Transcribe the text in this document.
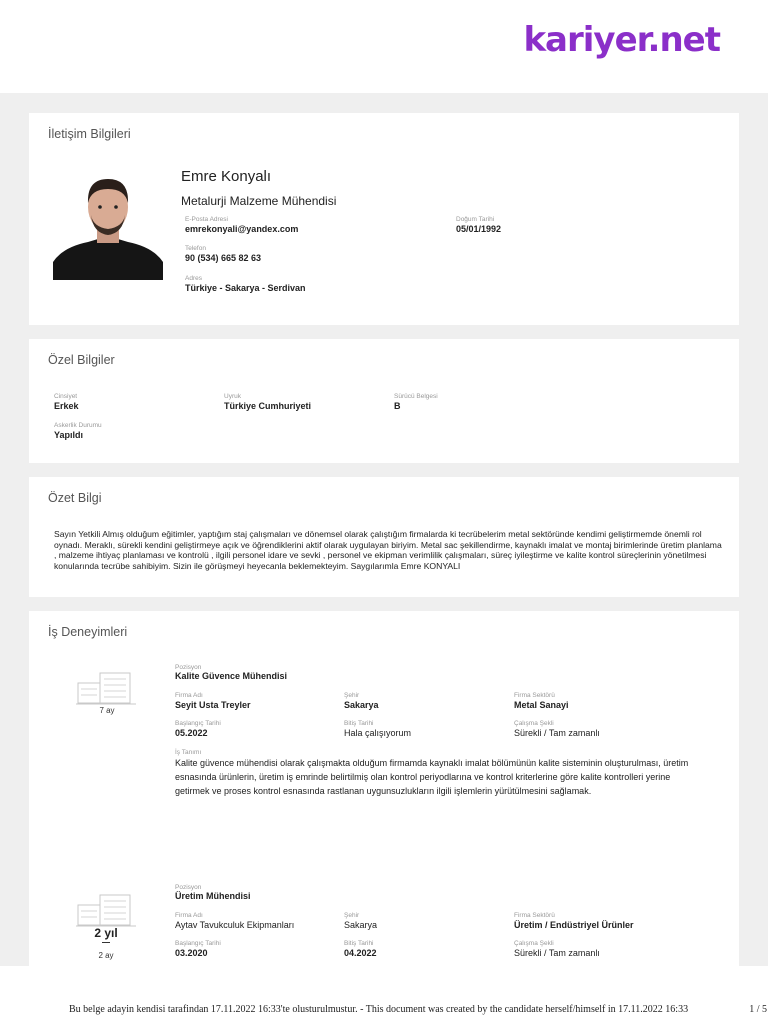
kariyer.net
İletişim Bilgileri
Emre Konyalı
Metalurji Malzeme Mühendisi
E-Posta Adresi
emrekonyali@yandex.com
Doğum Tarihi
05/01/1992
Telefon
90 (534) 665 82 63
Adres
Türkiye - Sakarya - Serdivan
Özel Bilgiler
Cinsiyet
Erkek
Uyruk
Türkiye Cumhuriyeti
Sürücü Belgesi
B
Askerlik Durumu
Yapıldı
Özet Bilgi
Sayın Yetkili Almış olduğum eğitimler, yaptığım staj çalışmaları ve dönemsel olarak çalıştığım firmalarda ki tecrübelerim metal sektöründe kendimi geliştirmemde önemli rol oynadı. Meraklı, sürekli kendini geliştirmeye açık ve öğrendiklerini aktif olarak uygulayan biriyim. Metal sac şekillendirme, kaynaklı imalat ve montaj birimlerinde üretim planlama , malzeme ihtiyaç planlaması ve kontrolü , ilgili personel idare ve sevki , personel ve ekipman verimlilik çalışmaları, süreç iyileştirme ve kalite kontrol süreçlerinin yönetilmesi konularında tecrübe sahibiyim. Sizin ile görüşmeyi heyecanla beklemekteyim. Saygılarımla Emre KONYALI
İş Deneyimleri
7 ay
Pozisyon
Kalite Güvence Mühendisi
Firma Adı
Seyit Usta Treyler
Şehir
Sakarya
Firma Sektörü
Metal Sanayi
Başlangıç Tarihi
05.2022
Bitiş Tarihi
Hala çalışıyorum
Çalışma Şekli
Sürekli / Tam zamanlı
İş Tanımı
Kalite güvence mühendisi olarak çalışmakta olduğum firmamda kaynaklı imalat bölümünün kalite sisteminin oluşturulması, üretim esnasında ürünlerin, üretim iş emrinde belirtilmiş olan kontrol periyodlarına ve kontrol kriterlerine göre kalite kontrolleri yerine getirmek ve proses kontrol esnasında rastlanan uygunsuzlukların ilgili işlemlerin yürütülmesini sağlamak.
2 yıl
2 ay
Pozisyon
Üretim Mühendisi
Firma Adı
Aytav Tavukculuk Ekipmanları
Şehir
Sakarya
Firma Sektörü
Üretim / Endüstriyel Ürünler
Başlangıç Tarihi
03.2020
Bitiş Tarihi
04.2022
Çalışma Şekli
Sürekli / Tam zamanlı
Bu belge adayin kendisi tarafindan 17.11.2022 16:33'te olusturulmustur. - This document was created by the candidate herself/himself in 17.11.2022 16:33	1 / 5
